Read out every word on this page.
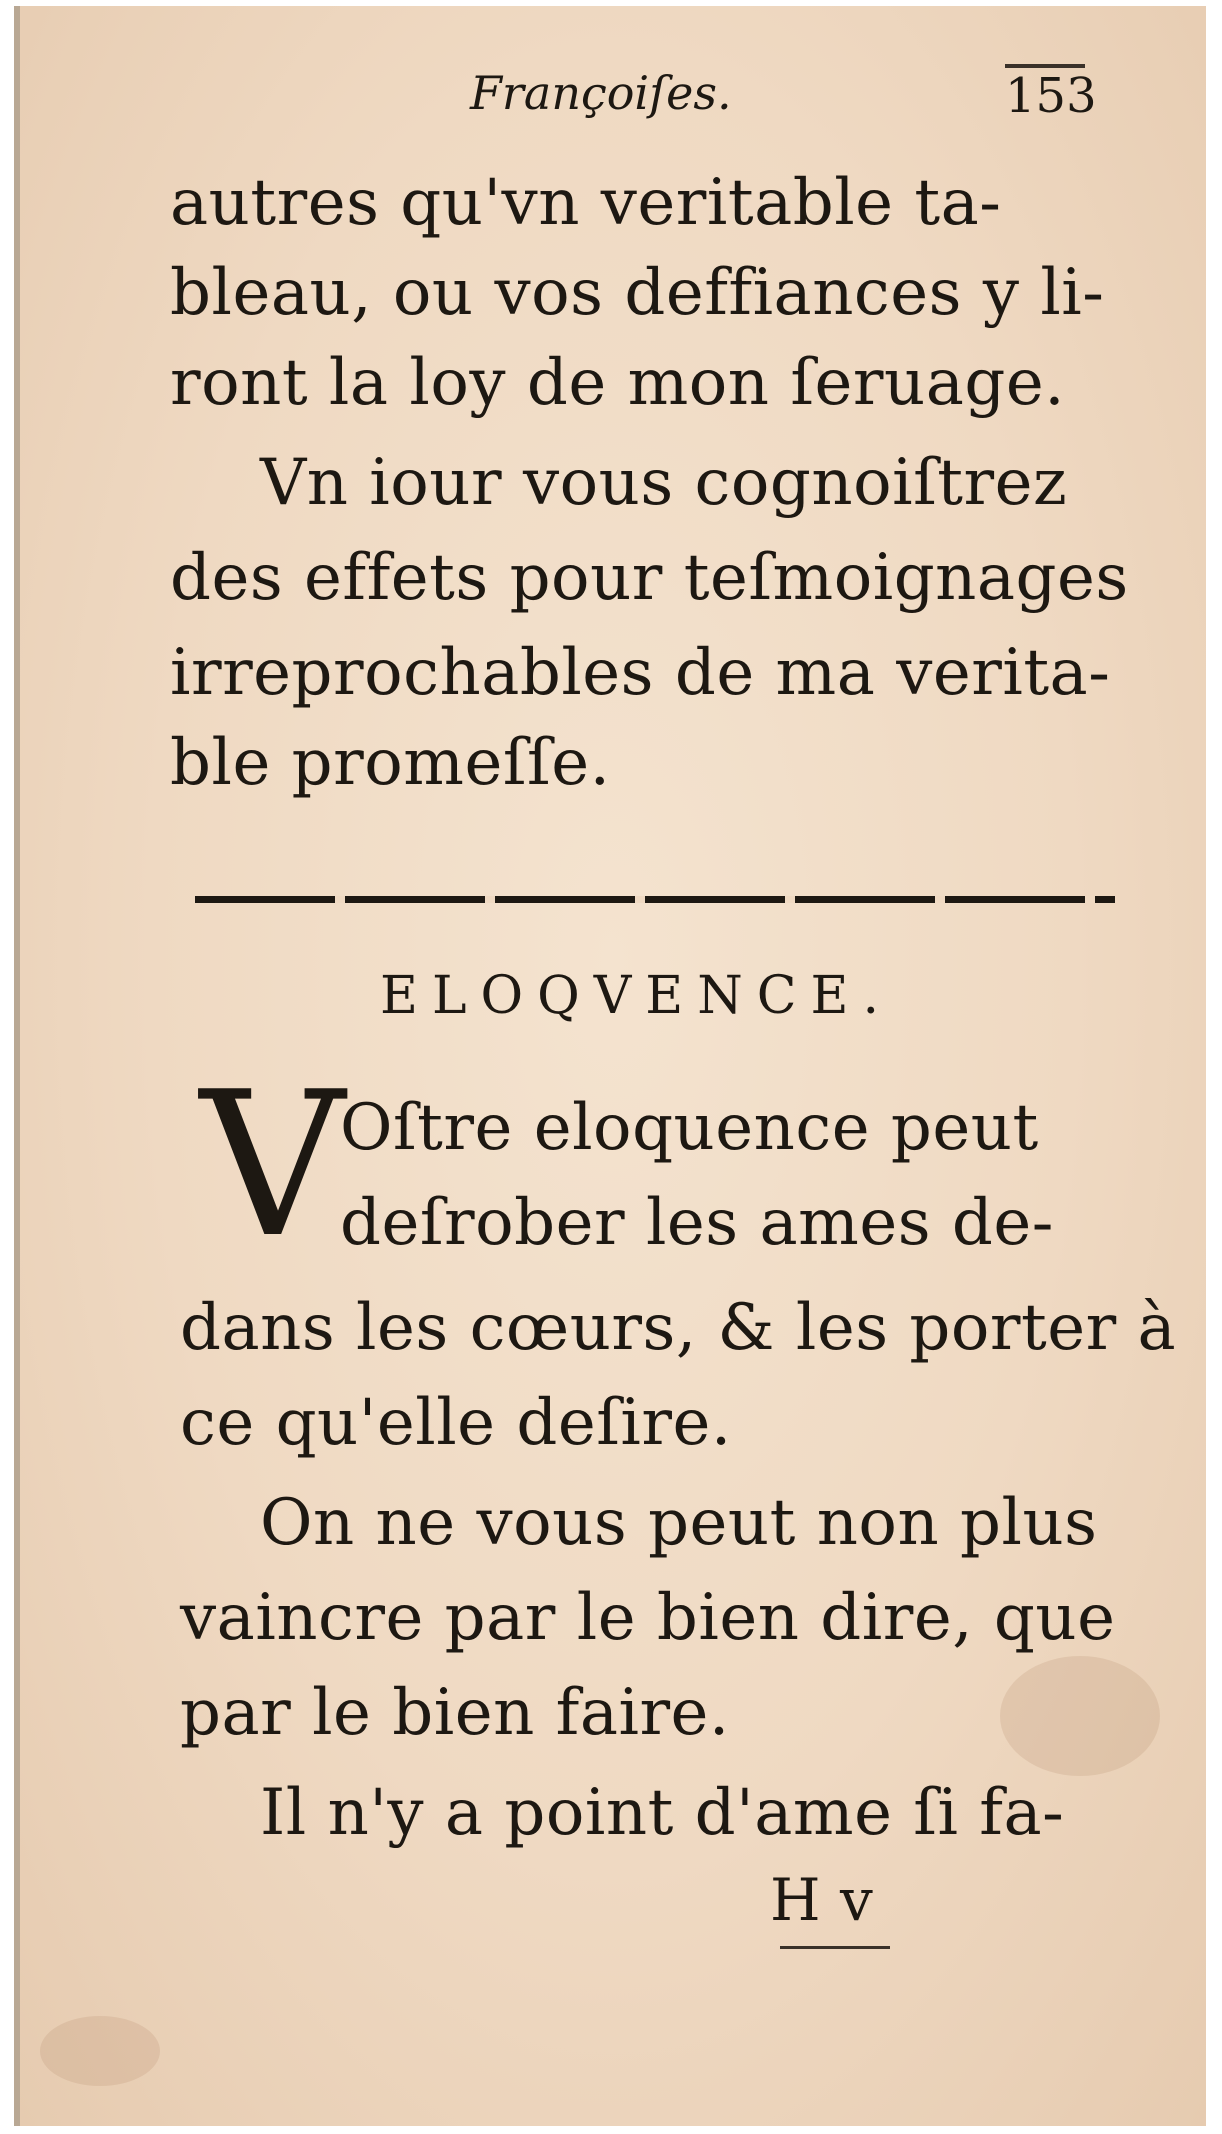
Françoiſes.	153
autres qu'vn veritable ta-
bleau, ou vos deffiances y li-
ront la loy de mon ſeruage.
Vn iour vous cognoiſtrez
des effets pour teſmoignages
irreprochables de ma verita-
ble promeſſe.
ELOQVENCE.
V
Oſtre eloquence peut
deſrober les ames de-
dans les cœurs, & les porter à
ce qu'elle deſire.
On ne vous peut non plus
vaincre par le bien dire, que
par le bien faire.
Il n'y a point d'ame ſi fa-
H v
